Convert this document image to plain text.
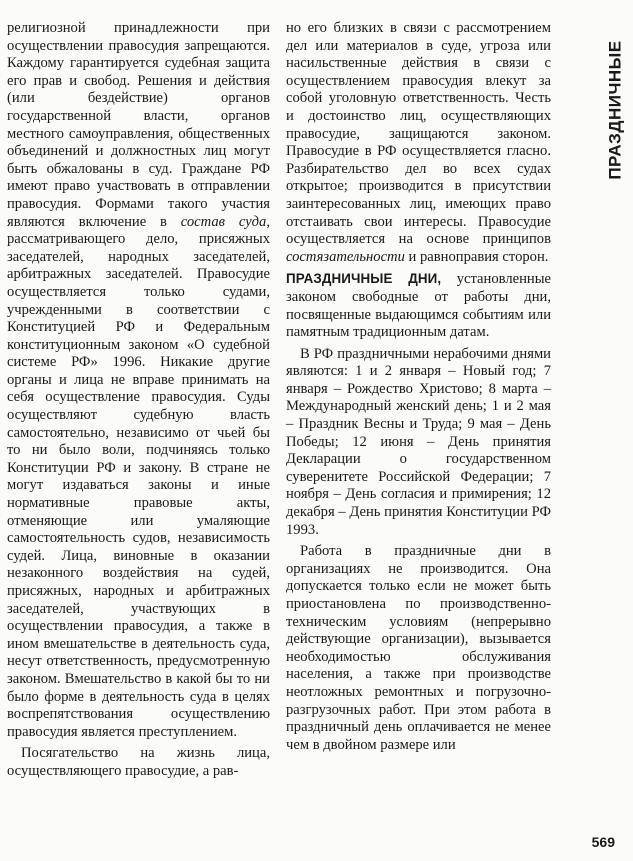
религиозной принадлежности при осуществлении правосудия запрещаются. Каждому гарантируется судебная защита его прав и свобод. Решения и действия (или бездействие) органов государственной власти, органов местного самоуправления, общественных объединений и должностных лиц могут быть обжалованы в суд. Граждане РФ имеют право участвовать в отправлении правосудия. Формами такого участия являются включение в состав суда, рассматривающего дело, присяжных заседателей, народных заседателей, арбитражных заседателей. Правосудие осуществляется только судами, учрежденными в соответствии с Конституцией РФ и Федеральным конституционным законом «О судебной системе РФ» 1996. Никакие другие органы и лица не вправе принимать на себя осуществление правосудия. Суды осуществляют судебную власть самостоятельно, независимо от чьей бы то ни было воли, подчиняясь только Конституции РФ и закону. В стране не могут издаваться законы и иные нормативные правовые акты, отменяющие или умаляющие самостоятельность судов, независимость судей. Лица, виновные в оказании незаконного воздействия на судей, присяжных, народных и арбитражных заседателей, участвующих в осуществлении правосудия, а также в ином вмешательстве в деятельность суда, несут ответственность, предусмотренную законом. Вмешательство в какой бы то ни было форме в деятельность суда в целях воспрепятствования осуществлению правосудия является преступлением.

Посягательство на жизнь лица, осуществляющего правосудие, а рав-

но его близких в связи с рассмотрением дел или материалов в суде, угроза или насильственные действия в связи с осуществлением правосудия влекут за собой уголовную ответственность. Честь и достоинство лиц, осуществляющих правосудие, защищаются законом. Правосудие в РФ осуществляется гласно. Разбирательство дел во всех судах открытое; производится в присутствии заинтересованных лиц, имеющих право отстаивать свои интересы. Правосудие осуществляется на основе принципов состязательности и равноправия сторон.

ПРАЗДНИЧНЫЕ ДНИ, установленные законом свободные от работы дни, посвященные выдающимся событиям или памятным традиционным датам.

В РФ праздничными нерабочими днями являются: 1 и 2 января – Новый год; 7 января – Рождество Христово; 8 марта – Международный женский день; 1 и 2 мая – Праздник Весны и Труда; 9 мая – День Победы; 12 июня – День принятия Декларации о государственном суверенитете Российской Федерации; 7 ноября – День согласия и примирения; 12 декабря – День принятия Конституции РФ 1993.

Работа в праздничные дни в организациях не производится. Она допускается только если не может быть приостановлена по производственно-техническим условиям (непрерывно действующие организации), вызывается необходимостью обслуживания населения, а также при производстве неотложных ремонтных и погрузочно-разгрузочных работ. При этом работа в праздничный день оплачивается не менее чем в двойном размере или

ПРАЗДНИЧНЫЕ
569
